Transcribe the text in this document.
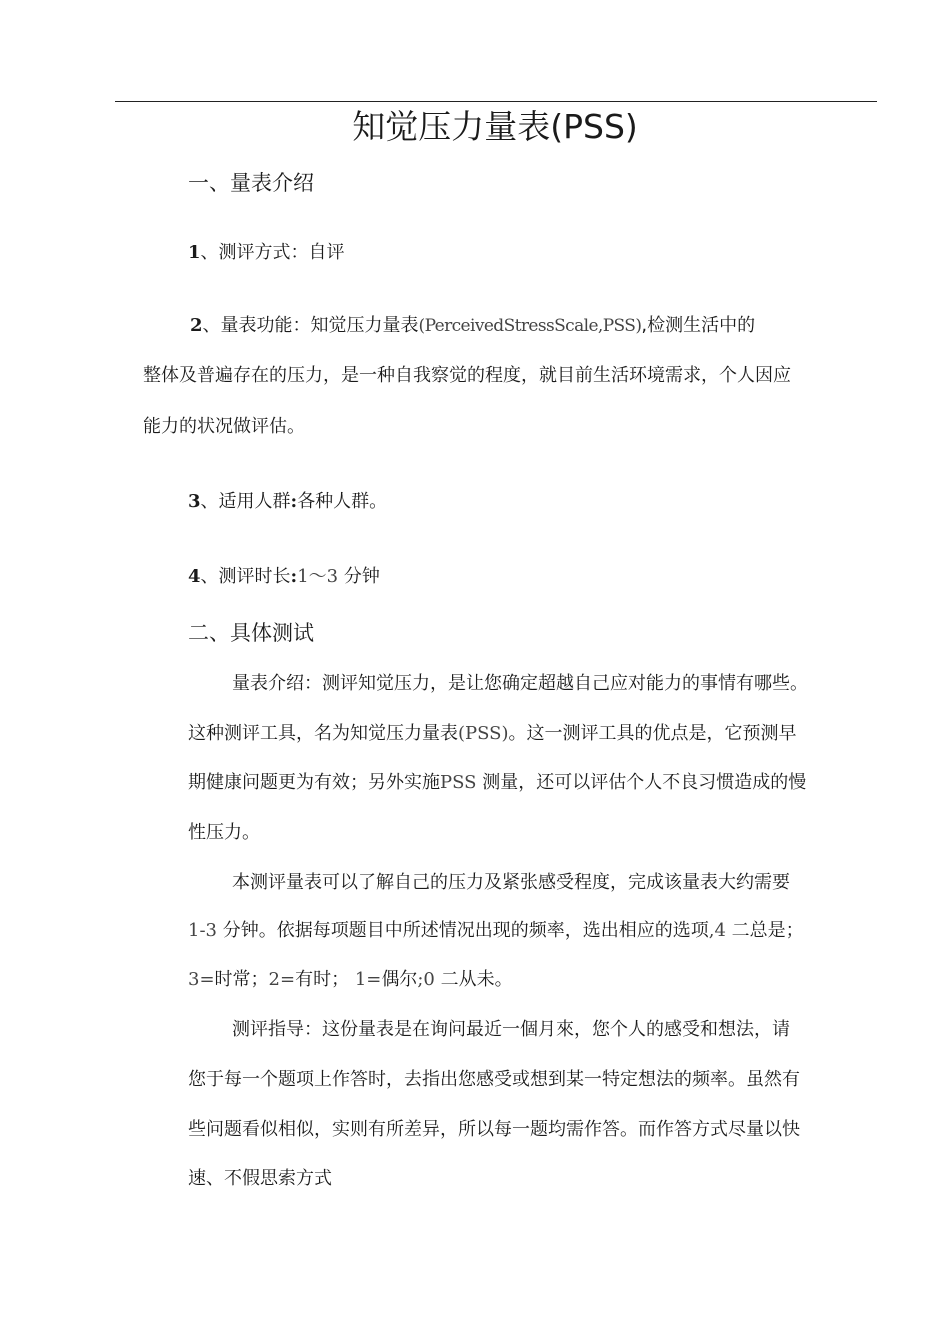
知觉压力量表(PSS)
一、量表介绍
1、测评方式：自评
2、量表功能：知觉压力量表(PerceivedStressScale,PSS),检测生活中的
整体及普遍存在的压力，是一种自我察觉的程度，就目前生活环境需求，个人因应
能力的状况做评估。
3、适用人群:各种人群。
4、测评时长:1〜3 分钟
二、具体测试
量表介绍：测评知觉压力，是让您确定超越自己应对能力的事情有哪些。
这种测评工具，名为知觉压力量表(PSS)。这一测评工具的优点是，它预测早
期健康问题更为有效；另外实施PSS 测量，还可以评估个人不良习惯造成的慢
性压力。
本测评量表可以了解自己的压力及紧张感受程度，完成该量表大约需要
1-3 分钟。依据每项题目中所述情况出现的频率，选出相应的选项,4 二总是；
3=时常；2=有时； 1=偶尔;0 二从未。
测评指导：这份量表是在询问最近一個月來，您个人的感受和想法，请
您于每一个题项上作答时，去指出您感受或想到某一特定想法的频率。虽然有
些问题看似相似，实则有所差异，所以每一题均需作答。而作答方式尽量以快
速、不假思索方式
